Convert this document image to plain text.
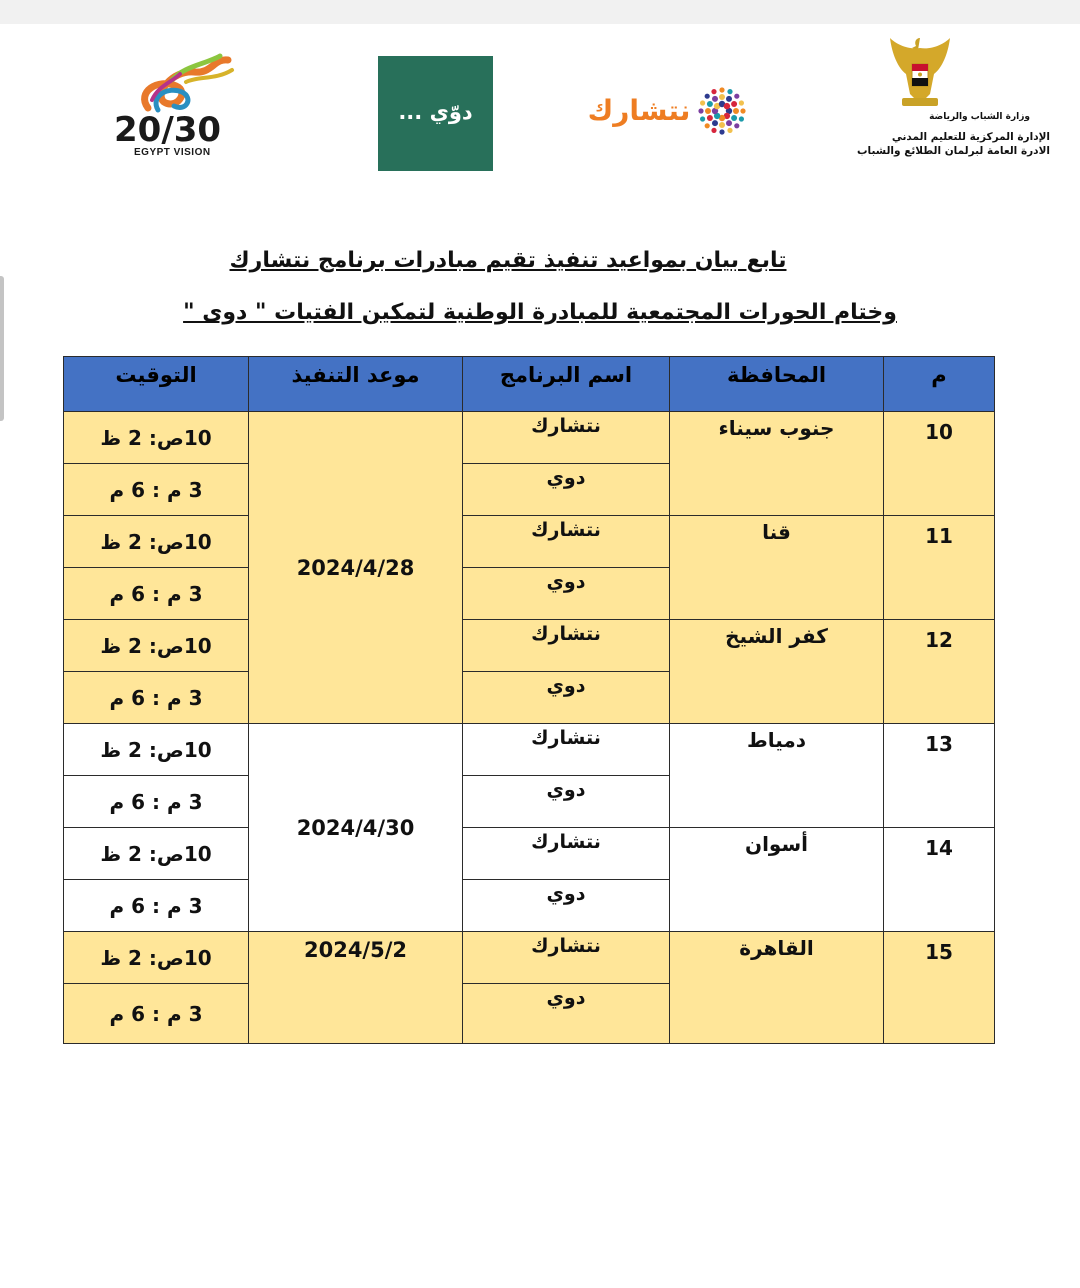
20/30
EGYPT VISION
... دوّي	نتشارك	وزارة الشباب والرياضة
الإدارة المركزية للتعليم المدني
الادرة العامة لبرلمان الطلائع والشباب
تابع بيان بمواعيد تنفيذ تقيم مبادرات برنامج نتشارك
وختام الحورات المجتمعية للمبادرة الوطنية لتمكين الفتيات " دوى "
م	المحافظة	اسم البرنامج	موعد التنفيذ	التوقيت
10	جنوب سيناء	نتشارك	2024/4/28	10ص: 2 ظ
		دوي		3 م : 6 م
11	قنا	نتشارك		10ص: 2 ظ
		دوي		3 م : 6 م
12	كفر الشيخ	نتشارك		10ص: 2 ظ
		دوي		3 م : 6 م
13	دمياط	نتشارك	2024/4/30	10ص: 2 ظ
		دوي		3 م : 6 م
14	أسوان	نتشارك		10ص: 2 ظ
		دوي		3 م : 6 م
15	القاهرة	نتشارك	2024/5/2	10ص: 2 ظ
		دوي		3 م : 6 م
